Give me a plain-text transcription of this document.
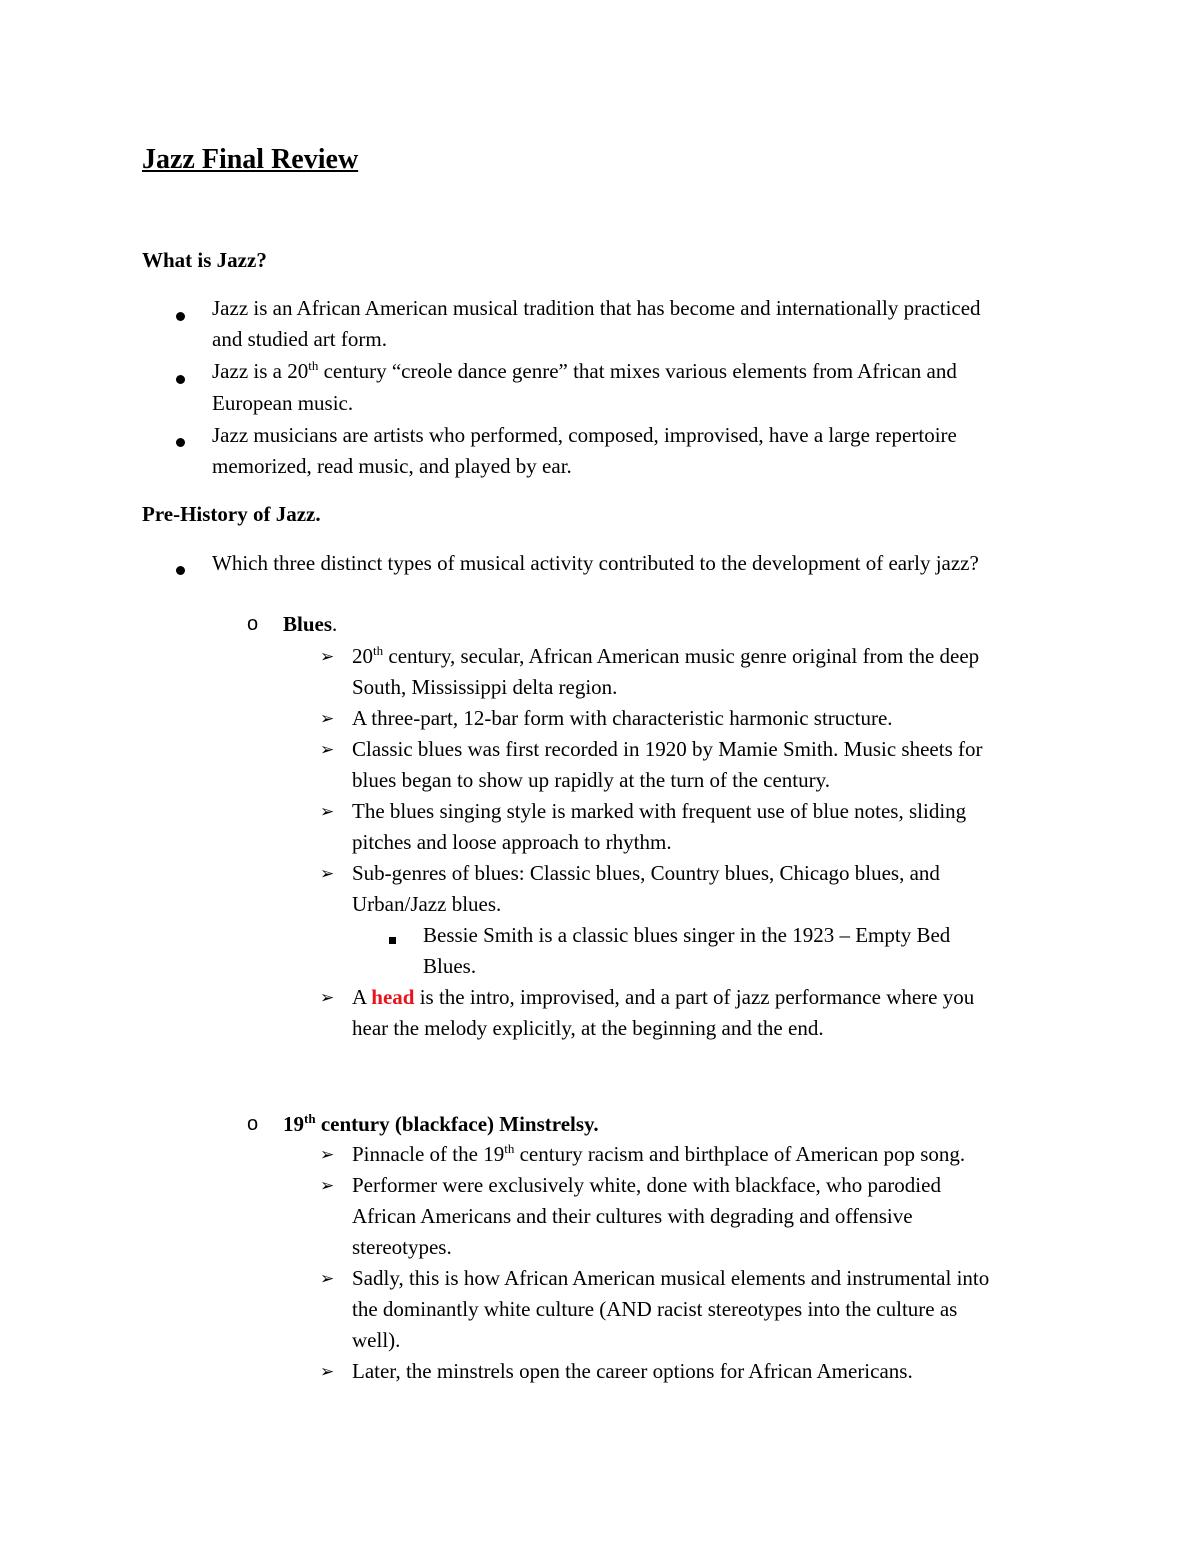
Jazz Final Review
What is Jazz?
Jazz is an African American musical tradition that has become and internationally practiced
and studied art form.
Jazz is a 20th century “creole dance genre” that mixes various elements from African and
European music.
Jazz musicians are artists who performed, composed, improvised, have a large repertoire
memorized, read music, and played by ear.
Pre-History of Jazz.
Which three distinct types of musical activity contributed to the development of early jazz?
o Blues.
➢ 20th century, secular, African American music genre original from the deep
South, Mississippi delta region.
➢ A three-part, 12-bar form with characteristic harmonic structure.
➢ Classic blues was first recorded in 1920 by Mamie Smith. Music sheets for
blues began to show up rapidly at the turn of the century.
➢ The blues singing style is marked with frequent use of blue notes, sliding
pitches and loose approach to rhythm.
➢ Sub-genres of blues: Classic blues, Country blues, Chicago blues, and
Urban/Jazz blues.
Bessie Smith is a classic blues singer in the 1923 – Empty Bed
Blues.
➢ A head is the intro, improvised, and a part of jazz performance where you
hear the melody explicitly, at the beginning and the end.
o 19th century (blackface) Minstrelsy.
➢ Pinnacle of the 19th century racism and birthplace of American pop song.
➢ Performer were exclusively white, done with blackface, who parodied
African Americans and their cultures with degrading and offensive
stereotypes.
➢ Sadly, this is how African American musical elements and instrumental into
the dominantly white culture (AND racist stereotypes into the culture as
well).
➢ Later, the minstrels open the career options for African Americans.
